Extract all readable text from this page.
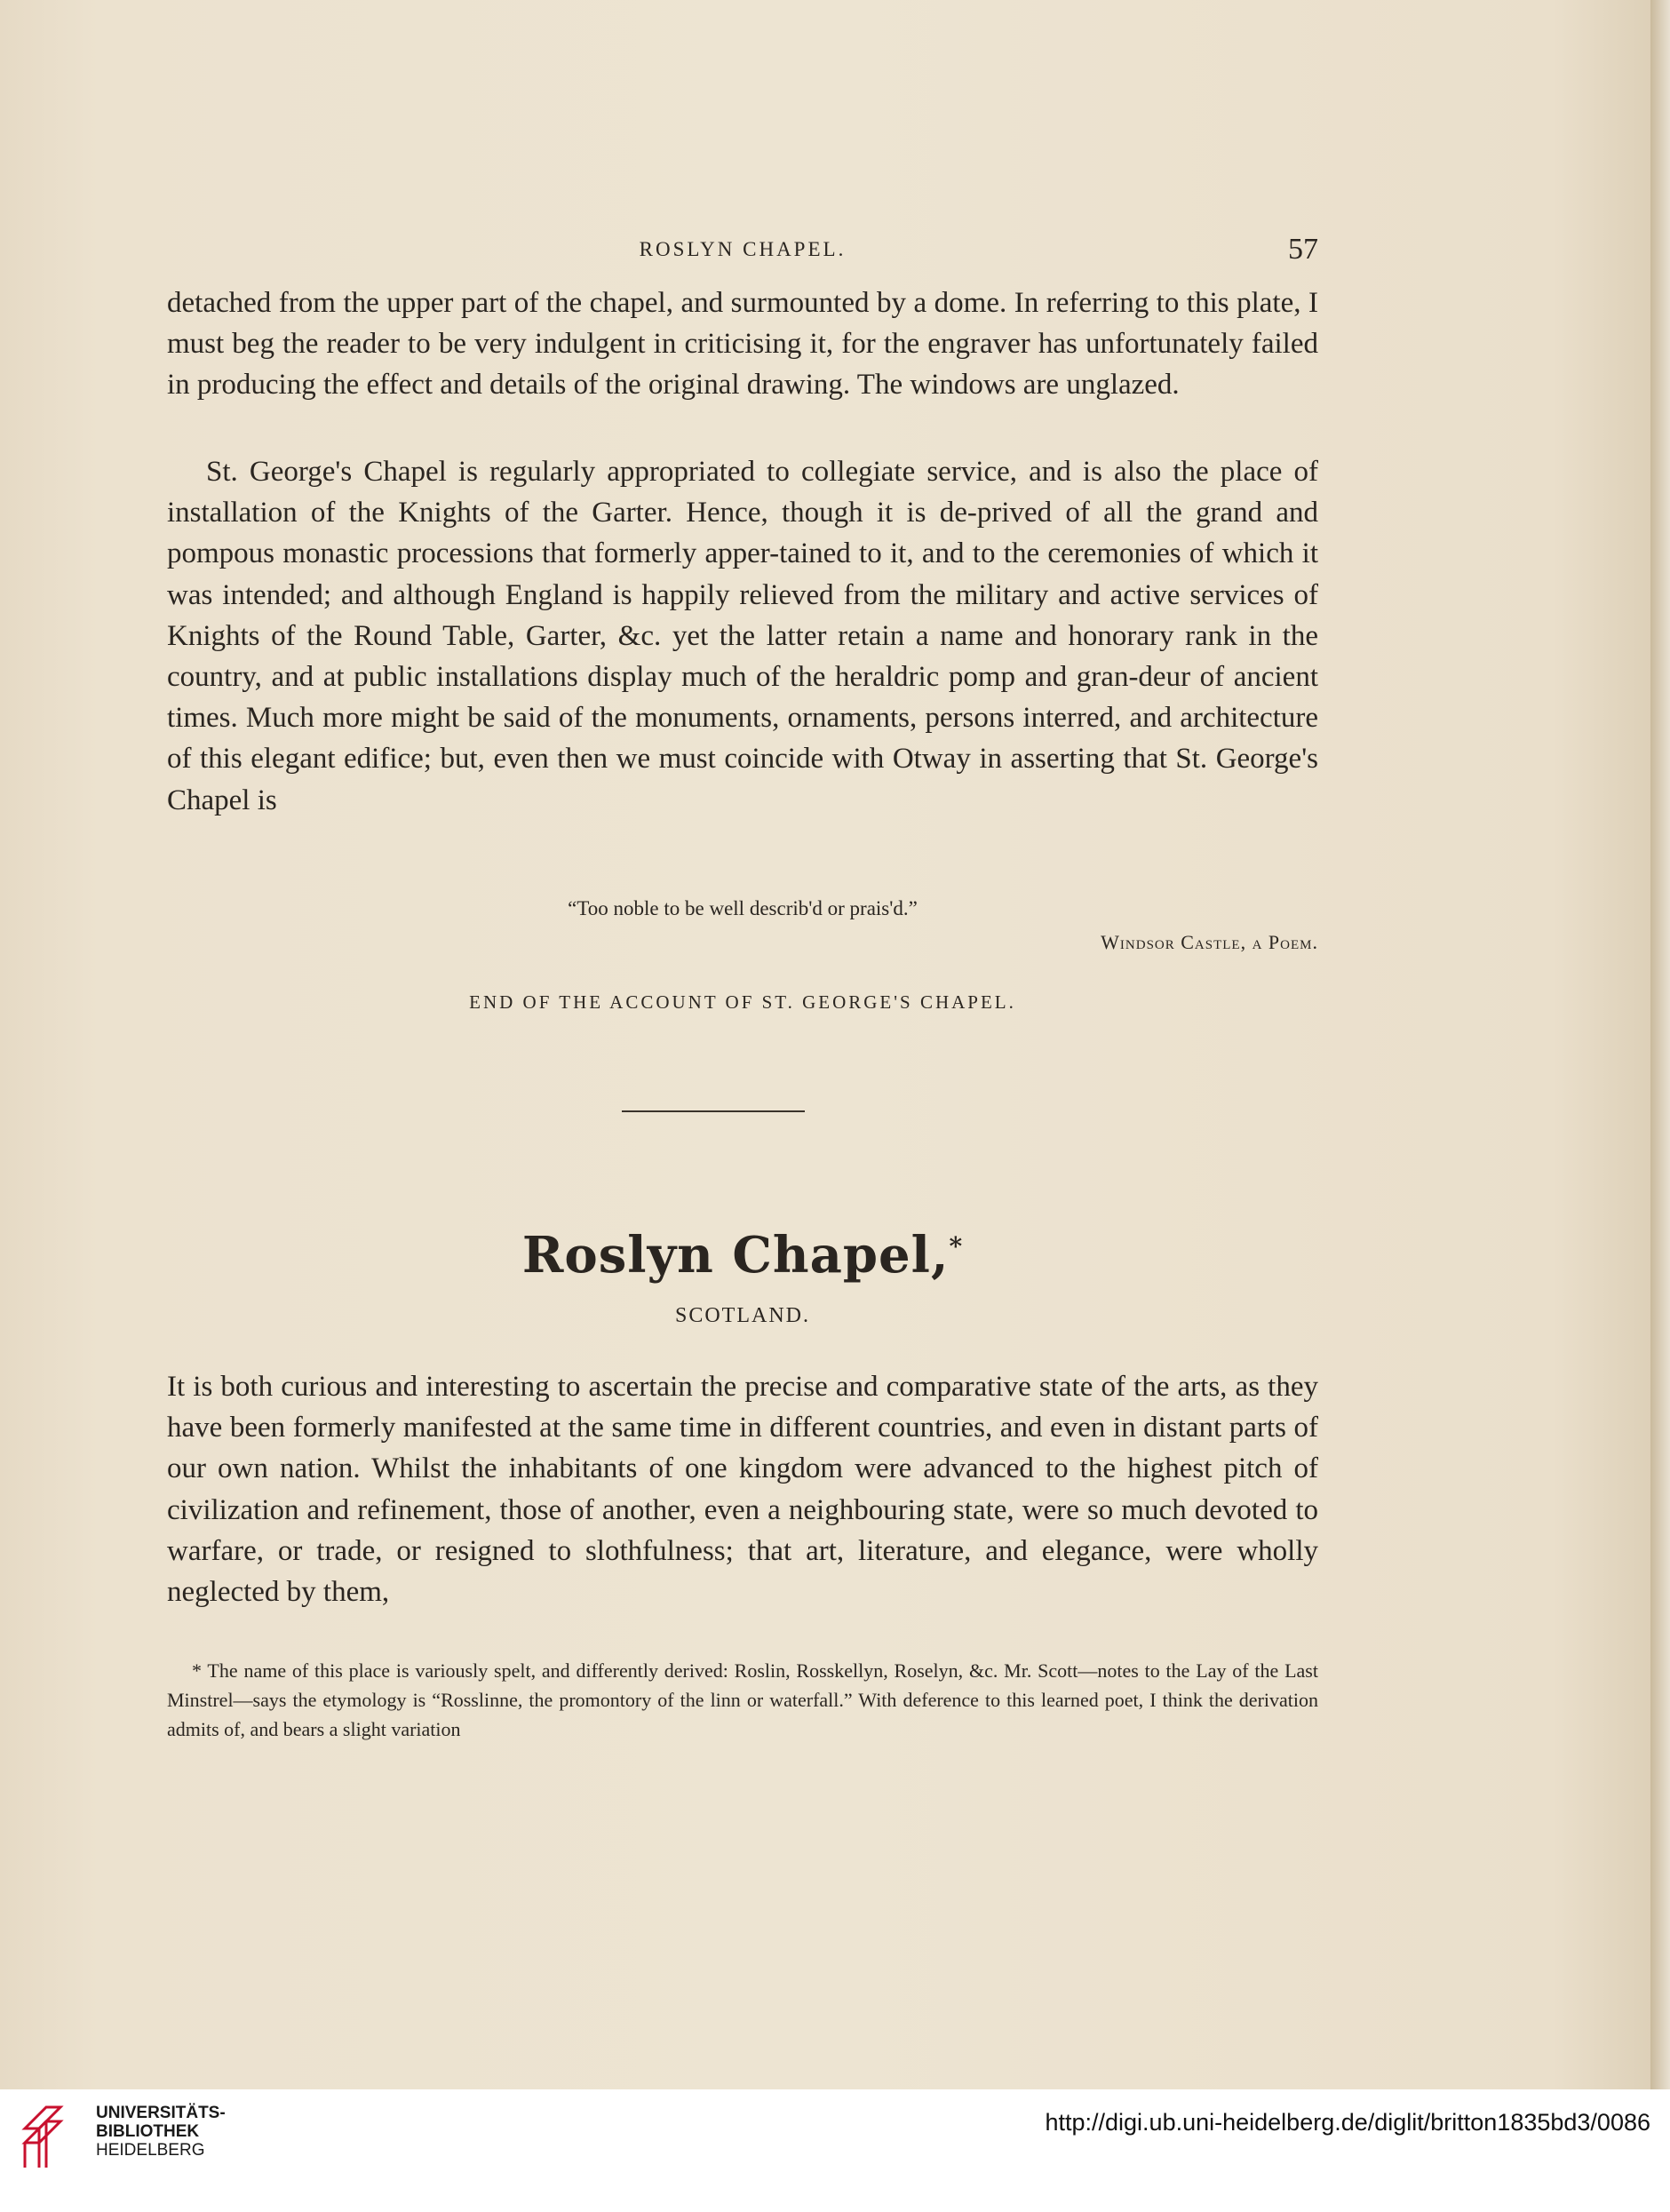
ROSLYN CHAPEL.	57

detached from the upper part of the chapel, and surmounted by a dome. In referring to this plate, I must beg the reader to be very indulgent in criticising it, for the engraver has unfortunately failed in producing the effect and details of the original drawing. The windows are unglazed.

St. George's Chapel is regularly appropriated to collegiate service, and is also the place of installation of the Knights of the Garter. Hence, though it is de-prived of all the grand and pompous monastic processions that formerly apper-tained to it, and to the ceremonies of which it was intended; and although England is happily relieved from the military and active services of Knights of the Round Table, Garter, &c. yet the latter retain a name and honorary rank in the country, and at public installations display much of the heraldric pomp and gran-deur of ancient times. Much more might be said of the monuments, ornaments, persons interred, and architecture of this elegant edifice; but, even then we must coincide with Otway in asserting that St. George's Chapel is

“Too noble to be well describ'd or prais'd.”
Windsor Castle, a Poem.
END OF THE ACCOUNT OF ST. GEORGE'S CHAPEL.
Roslyn Chapel,*
SCOTLAND.

It is both curious and interesting to ascertain the precise and comparative state of the arts, as they have been formerly manifested at the same time in different countries, and even in distant parts of our own nation. Whilst the inhabitants of one kingdom were advanced to the highest pitch of civilization and refinement, those of another, even a neighbouring state, were so much devoted to warfare, or trade, or resigned to slothfulness; that art, literature, and elegance, were wholly neglected by them,

* The name of this place is variously spelt, and differently derived: Roslin, Rosskellyn, Roselyn, &c. Mr. Scott—notes to the Lay of the Last Minstrel—says the etymology is “Rosslinne, the promontory of the linn or waterfall.” With deference to this learned poet, I think the derivation admits of, and bears a slight variation

UNIVERSITÄTS-
BIBLIOTHEK
HEIDELBERG
http://digi.ub.uni-heidelberg.de/diglit/britton1835bd3/0086
